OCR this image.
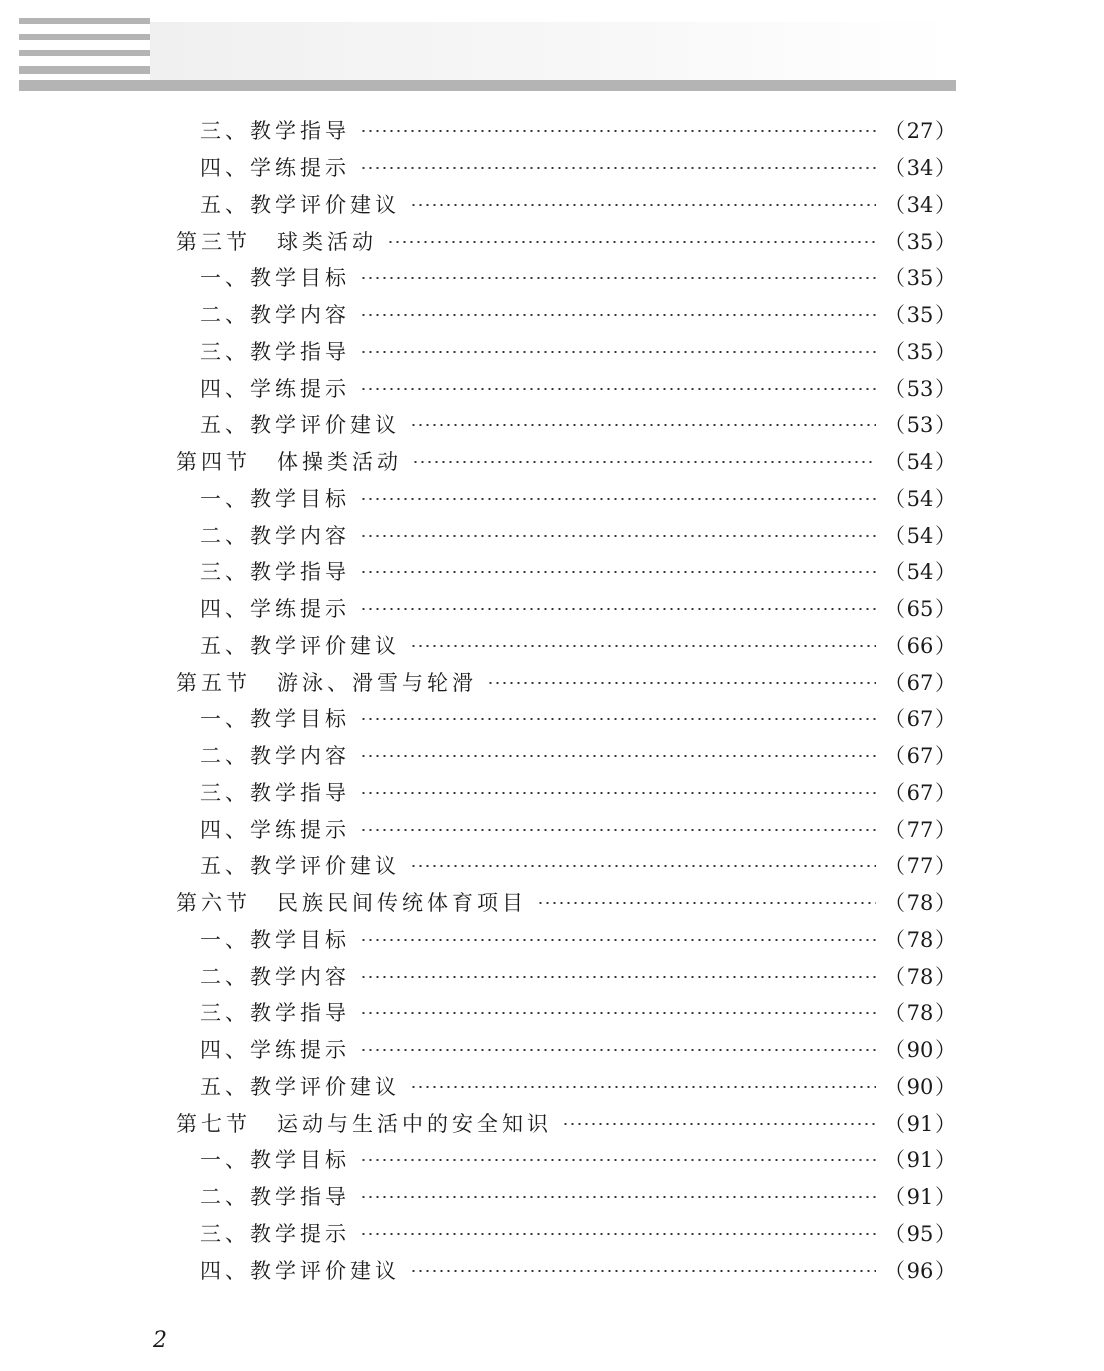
三、教学指导	（27）
四、学练提示	（34）
五、教学评价建议	（34）
第三节 球类活动	（35）
一、教学目标	（35）
二、教学内容	（35）
三、教学指导	（35）
四、学练提示	（53）
五、教学评价建议	（53）
第四节 体操类活动	（54）
一、教学目标	（54）
二、教学内容	（54）
三、教学指导	（54）
四、学练提示	（65）
五、教学评价建议	（66）
第五节 游泳、滑雪与轮滑	（67）
一、教学目标	（67）
二、教学内容	（67）
三、教学指导	（67）
四、学练提示	（77）
五、教学评价建议	（77）
第六节 民族民间传统体育项目	（78）
一、教学目标	（78）
二、教学内容	（78）
三、教学指导	（78）
四、学练提示	（90）
五、教学评价建议	（90）
第七节 运动与生活中的安全知识	（91）
一、教学目标	（91）
二、教学指导	（91）
三、教学提示	（95）
四、教学评价建议	（96）
2
